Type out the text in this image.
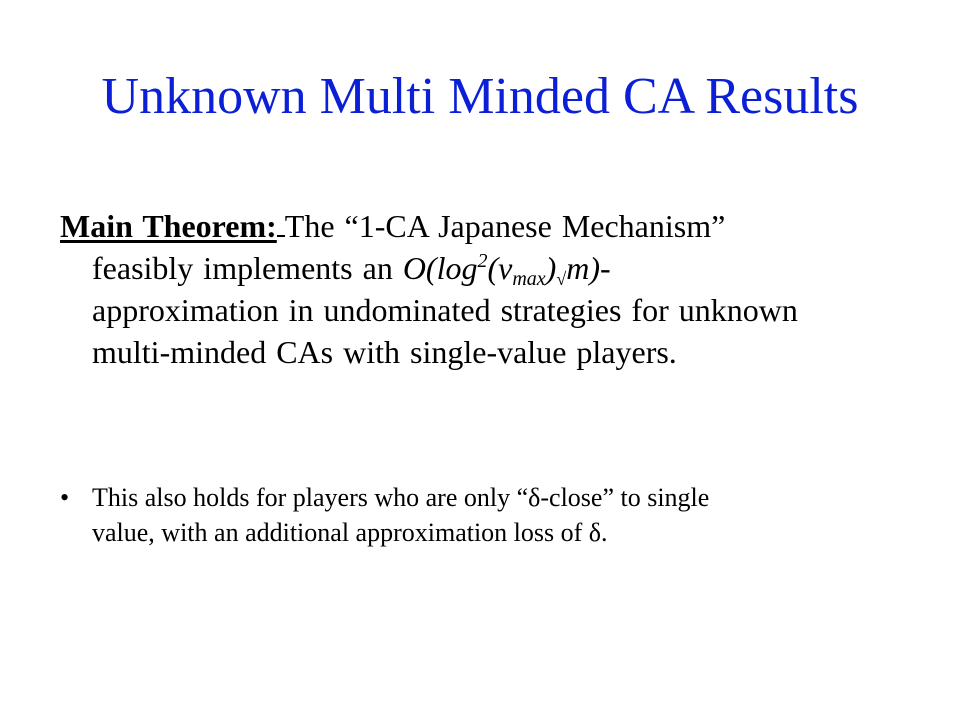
Unknown Multi Minded CA Results
Main Theorem: The “1-CA Japanese Mechanism”
feasibly implements an $O(\log^2(v_{max})√m)-$
approximation in undominated strategies for unknown
multi-minded CAs with single-value players.
• This also holds for players who are only “δ-close” to single
value, with an additional approximation loss of δ.
